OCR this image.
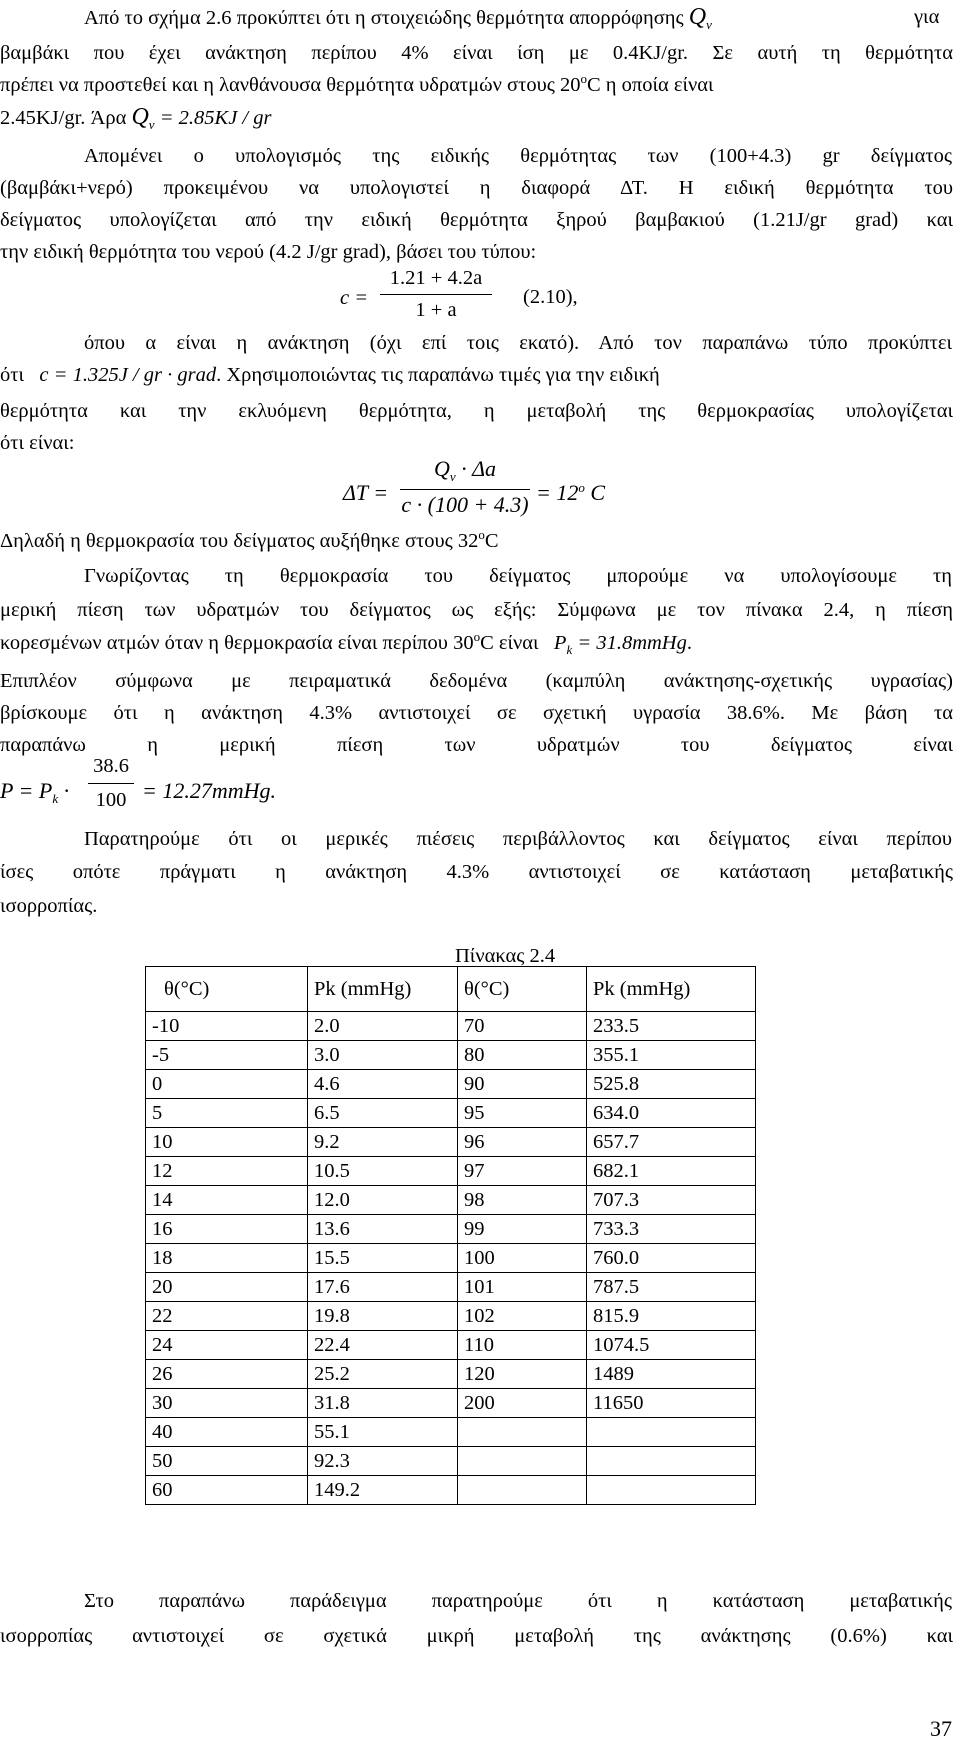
Από το σχήμα 2.6 προκύπτει ότι η στοιχειώδης θερμότητα απορρόφησης $Q_v$	για
βαμβάκι που έχει ανάκτηση περίπου 4% είναι ίση με 0.4KJ/gr. Σε αυτή τη θερμότητα
πρέπει να προστεθεί και η λανθάνουσα θερμότητα υδρατμών στους 20$^o$C η οποία είναι
2.45KJ/gr. Άρα $Q_v = 2.85KJ$ / gr
Απομένει ο υπολογισμός της ειδικής θερμότητας των (100+4.3) gr δείγματος
(βαμβάκι+νερό) προκειμένου να υπολογιστεί η διαφορά ΔΤ. Η ειδική θερμότητα του
δείγματος υπολογίζεται από την ειδική θερμότητα ξηρού βαμβακιού (1.21J/gr grad) και
την ειδική θερμότητα του νερού (4.2 J/gr grad), βάσει του τύπου:
c =
1.21 + 4.2a
1 + a
(2.10),
όπου α είναι η ανάκτηση (όχι επί τοις εκατό). Από τον παραπάνω τύπο προκύπτει
ότι c = 1.325J / gr · grad. Χρησιμοποιώντας τις παραπάνω τιμές για την ειδική
θερμότητα και την εκλυόμενη θερμότητα, η μεταβολή της θερμοκρασίας υπολογίζεται
ότι είναι:
ΔT =
$Q_v \cdot \Delta a$
$c \cdot (100 + 4.3) = 12^o$ C
Δηλαδή η θερμοκρασία του δείγματος αυξήθηκε στους 32$^o$C
Γνωρίζοντας τη θερμοκρασία του δείγματος μπορούμε να υπολογίσουμε τη
μερική πίεση των υδρατμών του δείγματος ως εξής: Σύμφωνα με τον πίνακα 2.4, η πίεση
κορεσμένων ατμών όταν η θερμοκρασία είναι περίπου 30$^o$C είναι $P_k$ = 31.8mmHg.
Επιπλέον σύμφωνα με πειραματικά δεδομένα (καμπύλη ανάκτησης-σχετικής υγρασίας)
βρίσκουμε ότι η ανάκτηση 4.3% αντιστοιχεί σε σχετική υγρασία 38.6%. Με βάση τα
παραπάνω η μερική πίεση των υδρατμών του δείγματος είναι
$P = P_k$ ·
38.6
100 = 12.27mmHg.
Παρατηρούμε ότι οι μερικές πιέσεις περιβάλλοντος και δείγματος είναι περίπου
ίσες οπότε πράγματι η ανάκτηση 4.3% αντιστοιχεί σε κατάσταση μεταβατικής
ισορροπίας.
Πίνακας 2.4
θ(°C)	Pk (mmHg)	θ(°C)	Pk (mmHg)
-10	2.0	70	233.5
-5	3.0	80	355.1
0	4.6	90	525.8
5	6.5	95	634.0
10	9.2	96	657.7
12	10.5	97	682.1
14	12.0	98	707.3
16	13.6	99	733.3
18	15.5	100	760.0
20	17.6	101	787.5
22	19.8	102	815.9
24	22.4	110	1074.5
26	25.2	120	1489
30	31.8	200	11650
40	55.1		
50	92.3		
60	149.2		
Στο παραπάνω παράδειγμα παρατηρούμε ότι η κατάσταση μεταβατικής
ισορροπίας αντιστοιχεί σε σχετικά μικρή μεταβολή της ανάκτησης (0.6%) και
37
